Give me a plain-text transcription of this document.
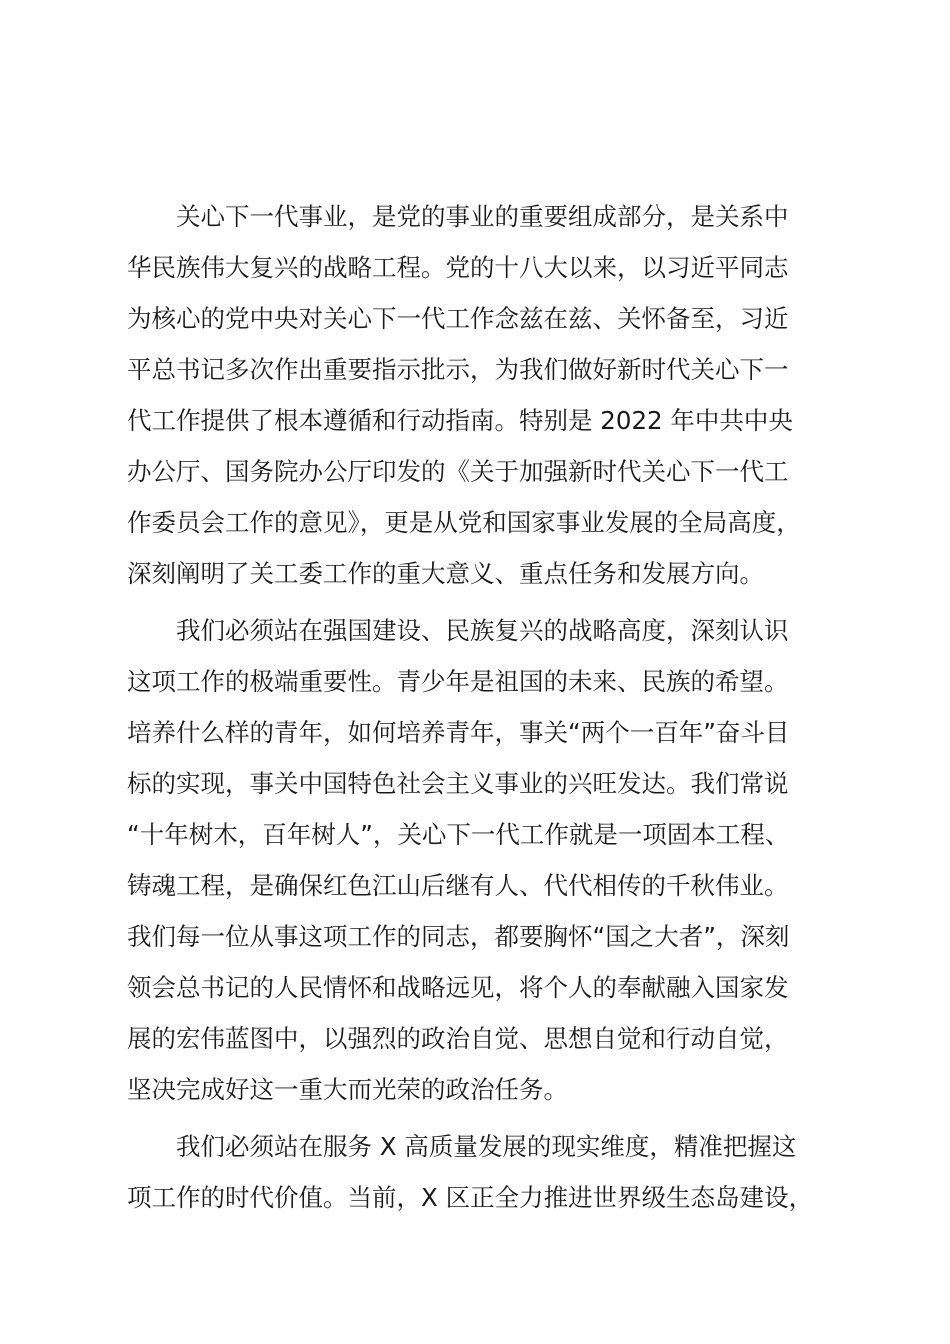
　　关心下一代事业，是党的事业的重要组成部分，是关系中
华民族伟大复兴的战略工程。党的十八大以来，以习近平同志
为核心的党中央对关心下一代工作念兹在兹、关怀备至，习近
平总书记多次作出重要指示批示，为我们做好新时代关心下一
代工作提供了根本遵循和行动指南。特别是 2022 年中共中央
办公厅、国务院办公厅印发的《关于加强新时代关心下一代工
作委员会工作的意见》，更是从党和国家事业发展的全局高度，
深刻阐明了关工委工作的重大意义、重点任务和发展方向。
　　我们必须站在强国建设、民族复兴的战略高度，深刻认识
这项工作的极端重要性。青少年是祖国的未来、民族的希望。
培养什么样的青年，如何培养青年，事关“两个一百年”奋斗目
标的实现，事关中国特色社会主义事业的兴旺发达。我们常说
“十年树木，百年树人”，关心下一代工作就是一项固本工程、
铸魂工程，是确保红色江山后继有人、代代相传的千秋伟业。
我们每一位从事这项工作的同志，都要胸怀“国之大者”，深刻
领会总书记的人民情怀和战略远见，将个人的奉献融入国家发
展的宏伟蓝图中，以强烈的政治自觉、思想自觉和行动自觉，
坚决完成好这一重大而光荣的政治任务。
　　我们必须站在服务 X 高质量发展的现实维度，精准把握这
项工作的时代价值。当前，X 区正全力推进世界级生态岛建设，
